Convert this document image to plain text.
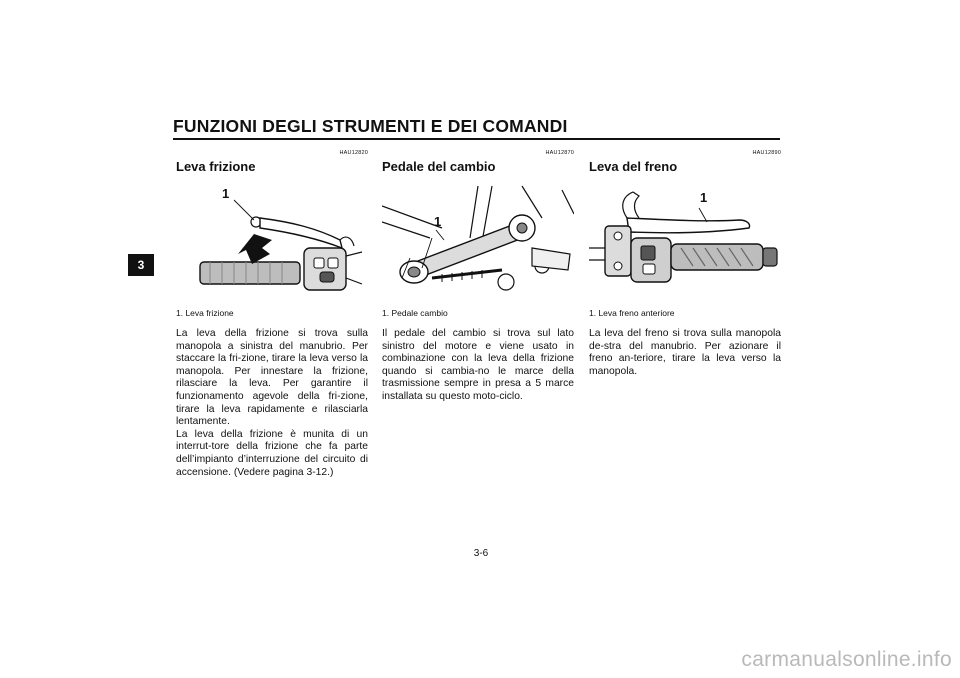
FUNZIONI DEGLI STRUMENTI E DEI COMANDI
3
HAU12820
Leva frizione
1
1. Leva frizione

La leva della frizione si trova sulla manopola a sinistra del manubrio. Per staccare la fri-zione, tirare la leva verso la manopola. Per innestare la frizione, rilasciare la leva. Per garantire il funzionamento agevole della fri-zione, tirare la leva rapidamente e rilasciarla lentamente.

La leva della frizione è munita di un interrut-tore della frizione che fa parte dell’impianto d’interruzione del circuito di accensione. (Vedere pagina 3-12.)

HAU12870
Pedale del cambio
1
1. Pedale cambio

Il pedale del cambio si trova sul lato sinistro del motore e viene usato in combinazione con la leva della frizione quando si cambia-no le marce della trasmissione sempre in presa a 5 marce installata su questo moto-ciclo.

HAU12890
Leva del freno
1
1. Leva freno anteriore

La leva del freno si trova sulla manopola de-stra del manubrio. Per azionare il freno an-teriore, tirare la leva verso la manopola.

3-6
carmanualsonline.info
